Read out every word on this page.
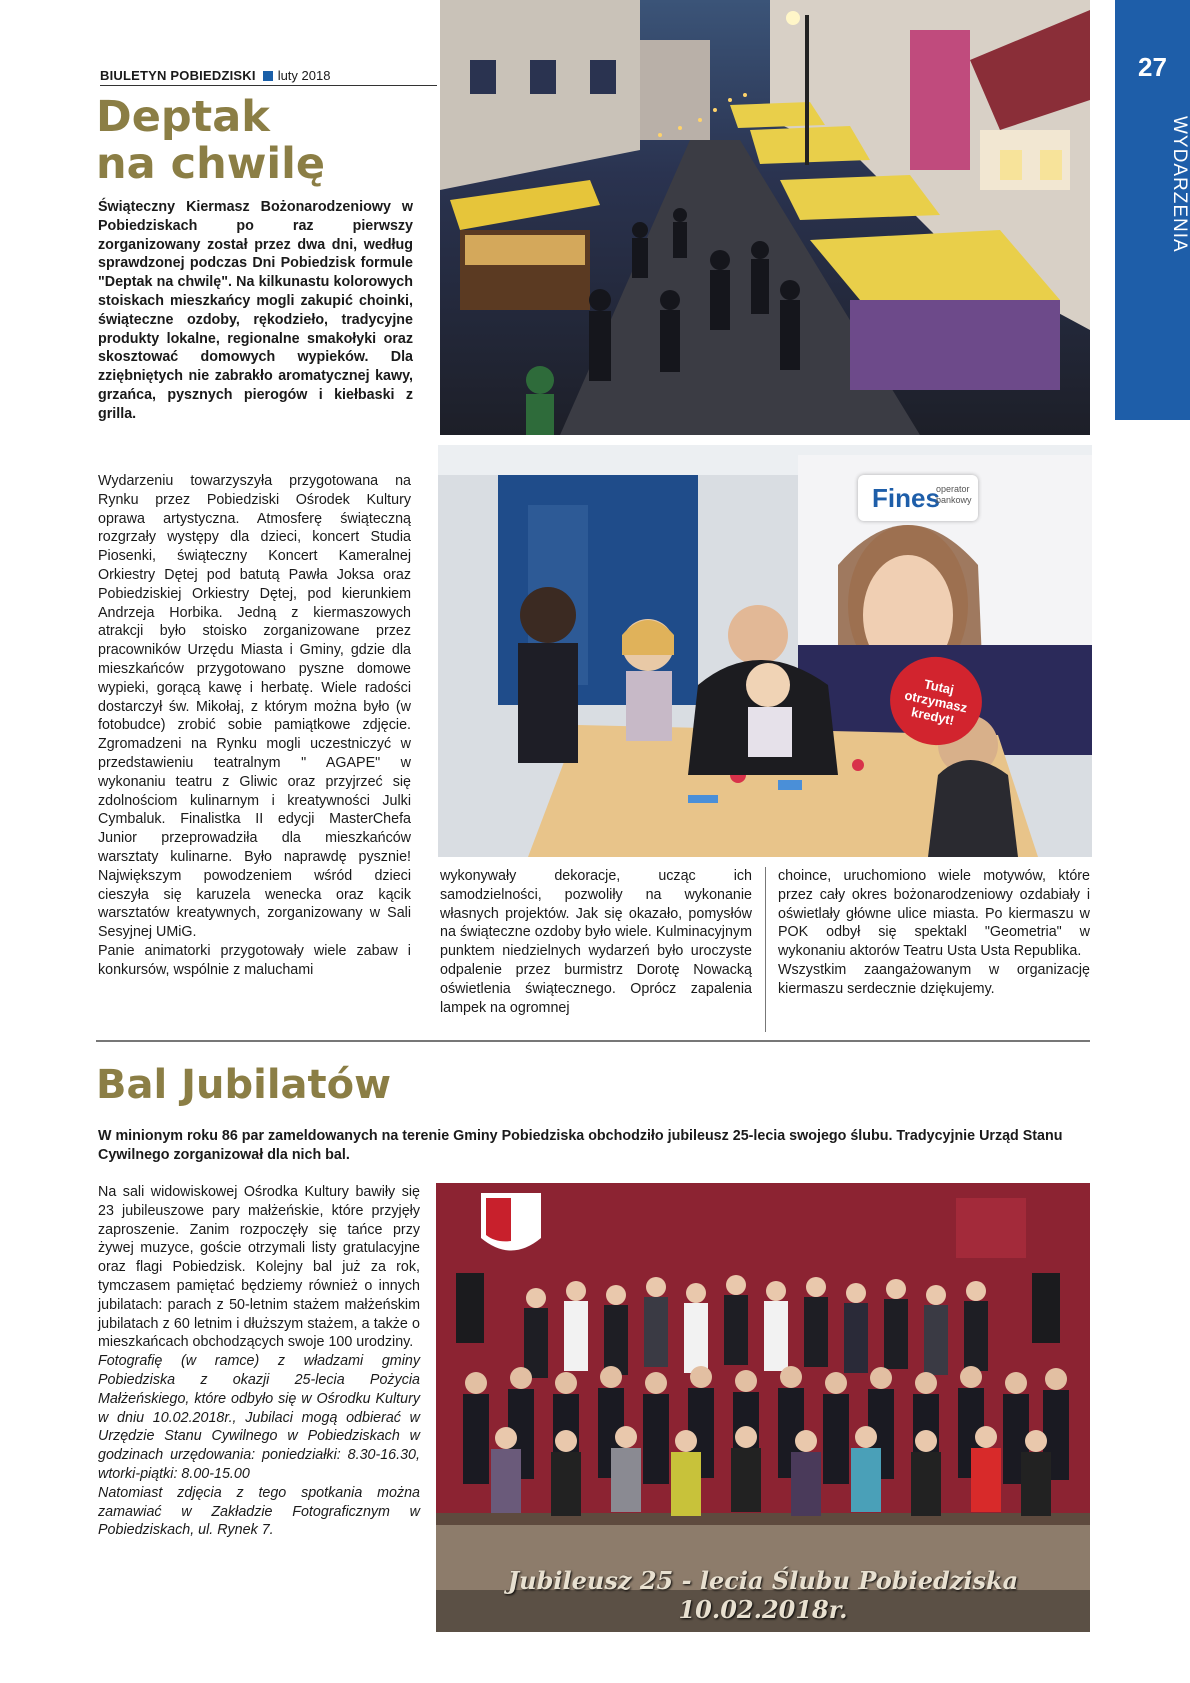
BIULETYN POBIEDZISKI luty 2018	27
WYDARZENIA
Deptak
na chwilę

Świąteczny Kiermasz Bożonarodzeniowy w Pobiedziskach po raz pierwszy zorganizowany został przez dwa dni, według sprawdzonej podczas Dni Pobiedzisk formule "Deptak na chwilę". Na kilkunastu kolorowych stoiskach mieszkańcy mogli zakupić choinki, świąteczne ozdoby, rękodzieło, tradycyjne produkty lokalne, regionalne smakołyki oraz skosztować domowych wypieków. Dla zziębniętych nie zabrakło aromatycznej kawy, grzańca, pysznych pierogów i kiełbaski z grilla.

Wydarzeniu towarzyszyła przygotowana na Rynku przez Pobiedziski Ośrodek Kultury oprawa artystyczna. Atmosferę świąteczną rozgrzały występy dla dzieci, koncert Studia Piosenki, świąteczny Koncert Kameralnej Orkiestry Dętej pod batutą Pawła Joksa oraz Pobiedziskiej Orkiestry Dętej, pod kierunkiem Andrzeja Horbika. Jedną z kiermaszowych atrakcji było stoisko zorganizowane przez pracowników Urzędu Miasta i Gminy, gdzie dla mieszkańców przygotowano pyszne domowe wypieki, gorącą kawę i herbatę. Wiele radości dostarczył św. Mikołaj, z którym można było (w fotobudce) zrobić sobie pamiątkowe zdjęcie. Zgromadzeni na Rynku mogli uczestniczyć w przedstawieniu teatralnym " AGAPE" w wykonaniu teatru z Gliwic oraz przyjrzeć się zdolnościom kulinarnym i kreatywności Julki Cymbaluk. Finalistka II edycji MasterChefa Junior przeprowadziła dla mieszkańców warsztaty kulinarne. Było naprawdę pysznie! Największym powodzeniem wśród dzieci cieszyła się karuzela wenecka oraz kącik warsztatów kreatywnych, zorganizowany w Sali Sesyjnej UMiG.

Panie animatorki przygotowały wiele zabaw i konkursów, wspólnie z maluchami

Fines
operator bankowy
Tutaj otrzymasz kredyt!

wykonywały dekoracje, ucząc ich samodzielności, pozwoliły na wykonanie własnych projektów. Jak się okazało, pomysłów na świąteczne ozdoby było wiele. Kulminacyjnym punktem niedzielnych wydarzeń było uroczyste odpalenie przez burmistrz Dorotę Nowacką oświetlenia świątecznego. Oprócz zapalenia lampek na ogromnej

choince, uruchomiono wiele motywów, które przez cały okres bożonarodzeniowy ozdabiały i oświetlały główne ulice miasta. Po kiermaszu w POK odbył się spektakl "Geometria" w wykonaniu aktorów Teatru Usta Usta Republika.

Wszystkim zaangażowanym w organizację kiermaszu serdecznie dziękujemy.

Bal Jubilatów

W minionym roku 86 par zameldowanych na terenie Gminy Pobiedziska obchodziło jubileusz 25-lecia swojego ślubu. Tradycyjnie Urząd Stanu Cywilnego zorganizował dla nich bal.

Na sali widowiskowej Ośrodka Kultury bawiły się 23 jubileuszowe pary małżeńskie, które przyjęły zaproszenie. Zanim rozpoczęły się tańce przy żywej muzyce, goście otrzymali listy gratulacyjne oraz flagi Pobiedzisk. Kolejny bal już za rok, tymczasem pamiętać będziemy również o innych jubilatach: parach z 50-letnim stażem małżeńskim jubilatach z 60 letnim i dłuższym stażem, a także o mieszkańcach obchodzących swoje 100 urodziny.

Fotografię (w ramce) z władzami gminy Pobiedziska z okazji 25-lecia Pożycia Małżeńskiego, które odbyło się w Ośrodku Kultury w dniu 10.02.2018r., Jubilaci mogą odbierać w Urzędzie Stanu Cywilnego w Pobiedziskach w godzinach urzędowania: poniedziałki: 8.30-16.30, wtorki-piątki: 8.00-15.00

Natomiast zdjęcia z tego spotkania można zamawiać w Zakładzie Fotograficznym w Pobiedziskach, ul. Rynek 7.

Jubileusz 25 - lecia Ślubu Pobiedziska 10.02.2018r.
